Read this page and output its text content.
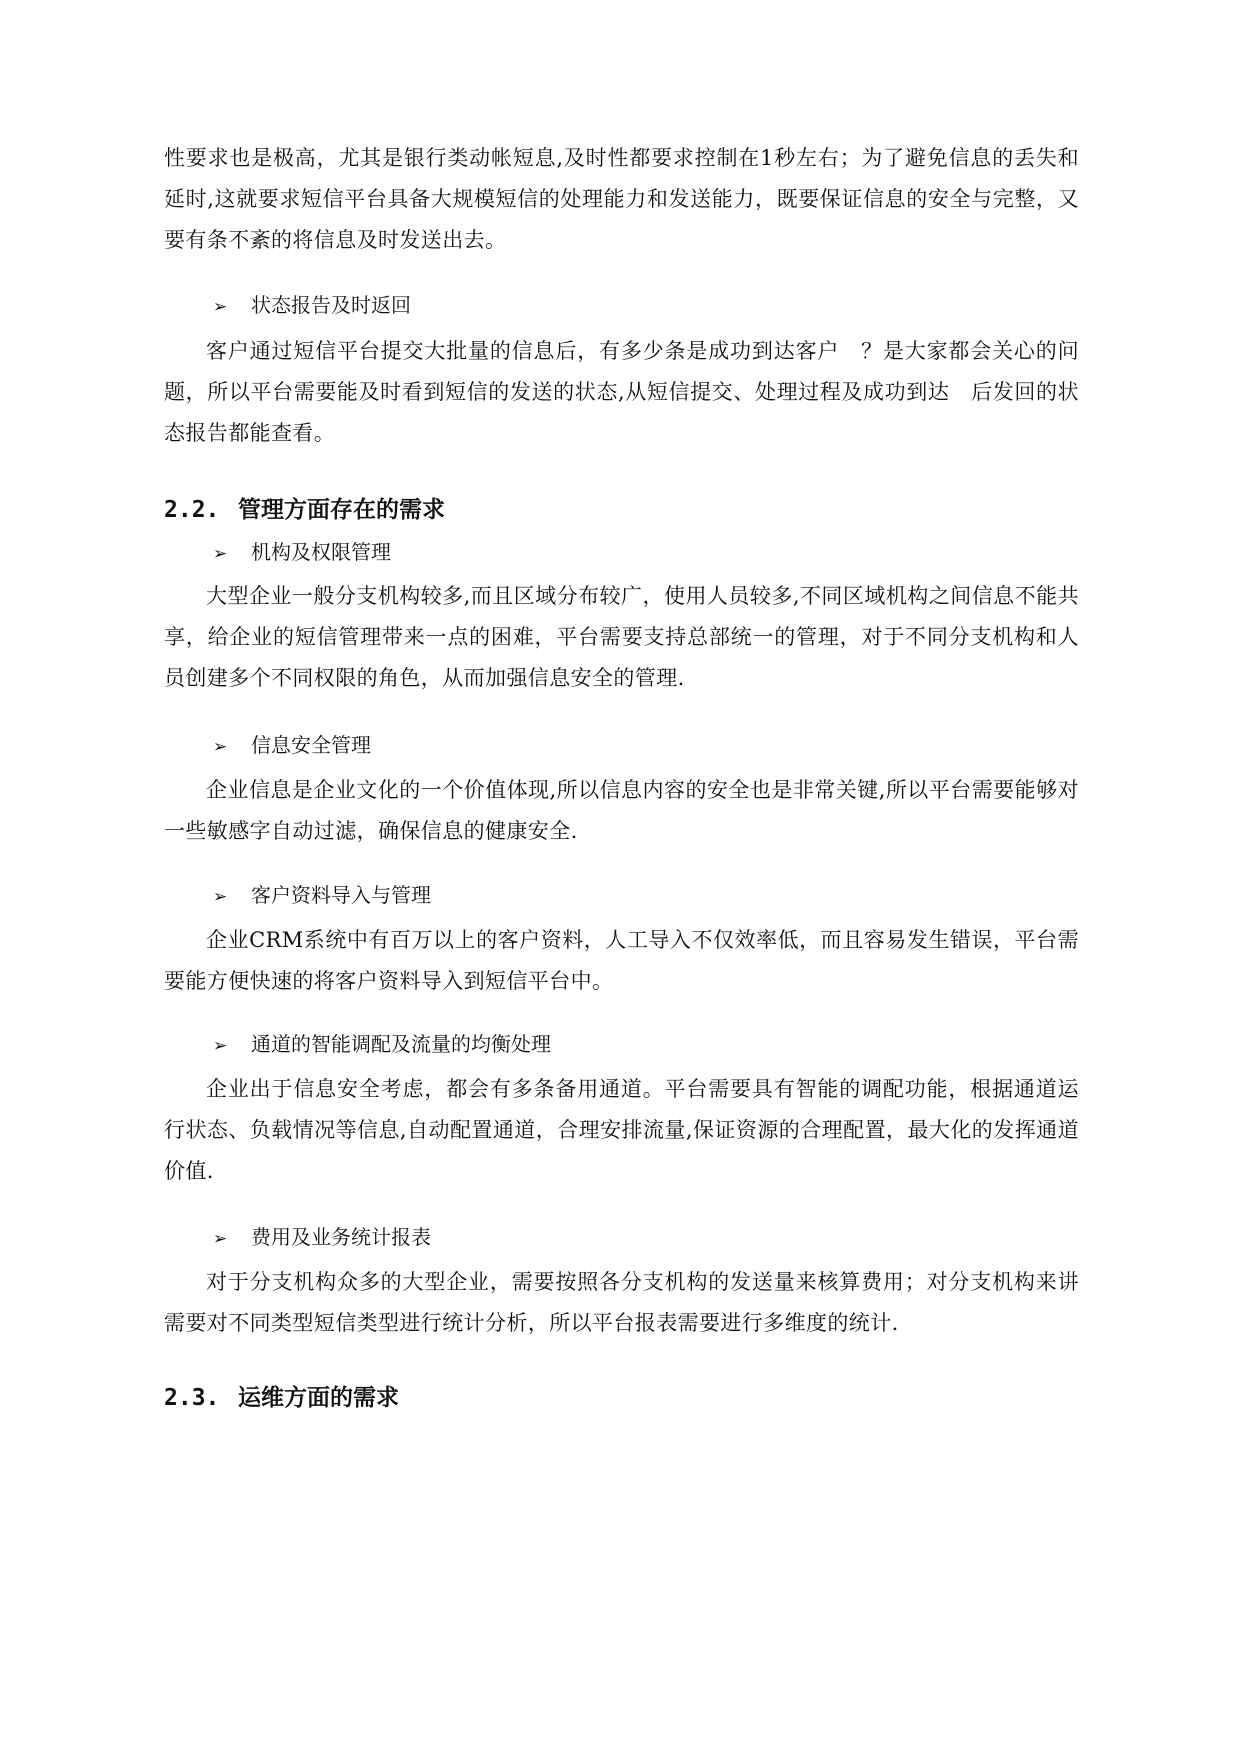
性要求也是极高，尤其是银行类动帐短息,及时性都要求控制在1秒左右；为了避免信息的丢失和延时,这就要求短信平台具备大规模短信的处理能力和发送能力，既要保证信息的安全与完整，又要有条不紊的将信息及时发送出去。

➢ 状态报告及时返回

客户通过短信平台提交大批量的信息后，有多少条是成功到达客户　？是大家都会关心的问题，所以平台需要能及时看到短信的发送的状态,从短信提交、处理过程及成功到达　后发回的状态报告都能查看。

2.2. 管理方面存在的需求

➢ 机构及权限管理

大型企业一般分支机构较多,而且区域分布较广，使用人员较多,不同区域机构之间信息不能共享，给企业的短信管理带来一点的困难，平台需要支持总部统一的管理，对于不同分支机构和人员创建多个不同权限的角色，从而加强信息安全的管理.

➢ 信息安全管理

企业信息是企业文化的一个价值体现,所以信息内容的安全也是非常关键,所以平台需要能够对一些敏感字自动过滤，确保信息的健康安全.

➢ 客户资料导入与管理

企业CRM系统中有百万以上的客户资料，人工导入不仅效率低，而且容易发生错误，平台需要能方便快速的将客户资料导入到短信平台中。

➢ 通道的智能调配及流量的均衡处理

企业出于信息安全考虑，都会有多条备用通道。平台需要具有智能的调配功能，根据通道运行状态、负载情况等信息,自动配置通道，合理安排流量,保证资源的合理配置，最大化的发挥通道价值.

➢ 费用及业务统计报表

对于分支机构众多的大型企业，需要按照各分支机构的发送量来核算费用；对分支机构来讲需要对不同类型短信类型进行统计分析，所以平台报表需要进行多维度的统计.

2.3. 运维方面的需求
